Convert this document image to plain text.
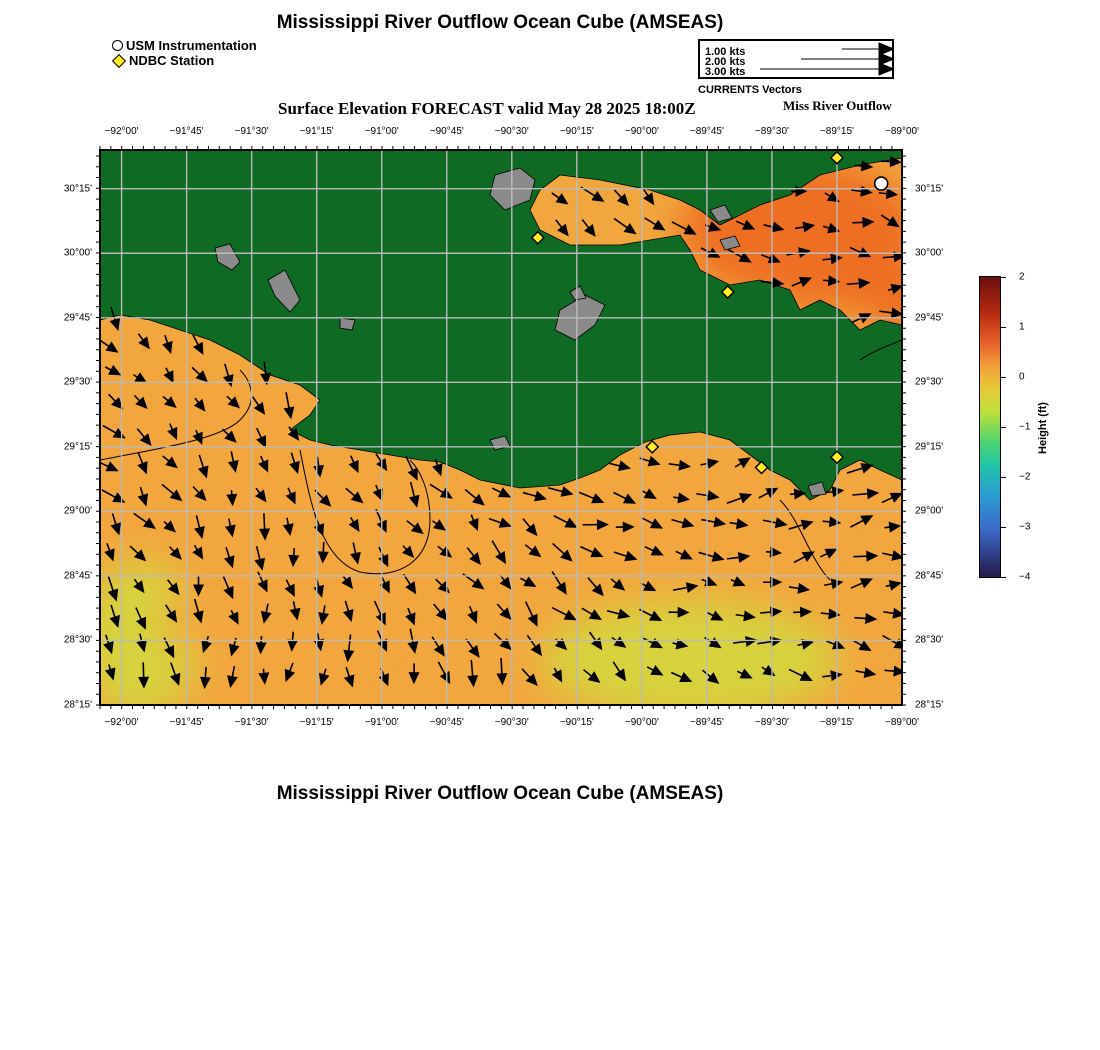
Mississippi River Outflow Ocean Cube (AMSEAS)
USM Instrumentation
NDBC Station
1.00 kts
2.00 kts
3.00 kts
CURRENTS Vectors
Surface Elevation FORECAST valid May 28 2025 18:00Z	Miss River Outflow
−92°00'	−91°45'	−91°30'	−91°15'	−91°00'	−90°45'	−90°30'	−90°15'	−90°00'	−89°45'	−89°30'	−89°15'	−89°00'
−92°00'	−91°45'	−91°30'	−91°15'	−91°00'	−90°45'	−90°30'	−90°15'	−90°00'	−89°45'	−89°30'	−89°15'	−89°00'
30°15'
30°00'
29°45'
29°30'
29°15'
29°00'
28°45'
28°30'
28°15'
30°15'
30°00'
29°45'
29°30'
29°15'
29°00'
28°45'
28°30'
28°15'
2
1
0
−1
−2
−3
−4
Height (ft)
Mississippi River Outflow Ocean Cube (AMSEAS)
